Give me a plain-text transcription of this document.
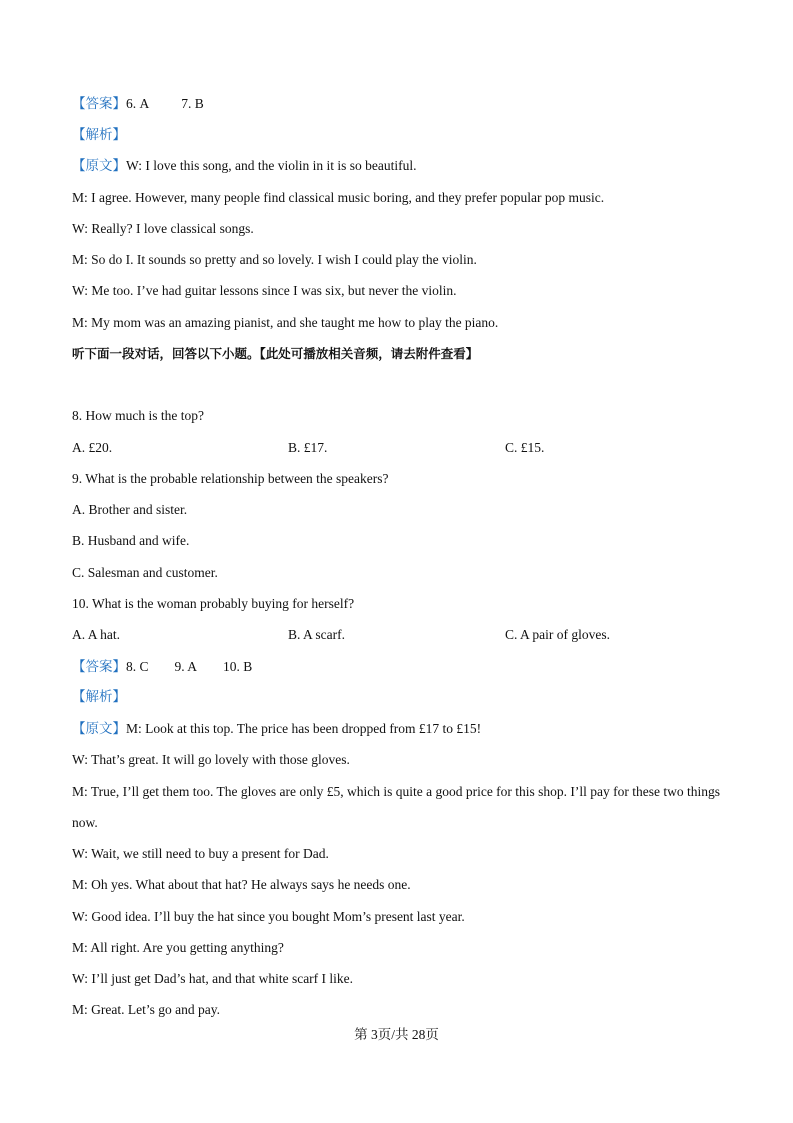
【答案】6. A 7. B
【解析】
【原文】W: I love this song, and the violin in it is so beautiful.
M: I agree. However, many people find classical music boring, and they prefer popular pop music.
W: Really? I love classical songs.
M: So do I. It sounds so pretty and so lovely. I wish I could play the violin.
W: Me too. I’ve had guitar lessons since I was six, but never the violin.
M: My mom was an amazing pianist, and she taught me how to play the piano.
听下面一段对话，回答以下小题。【此处可播放相关音频，请去附件查看】
8. How much is the top?
A. £20.	B. £17.	C. £15.
9. What is the probable relationship between the speakers?
A. Brother and sister.
B. Husband and wife.
C. Salesman and customer.
10. What is the woman probably buying for herself?
A. A hat.	B. A scarf.	C. A pair of gloves.
【答案】8. C 9. A 10. B
【解析】
【原文】M: Look at this top. The price has been dropped from £17 to £15!
W: That’s great. It will go lovely with those gloves.
M: True, I’ll get them too. The gloves are only £5, which is quite a good price for this shop. I’ll pay for these two things now.
W: Wait, we still need to buy a present for Dad.
M: Oh yes. What about that hat? He always says he needs one.
W: Good idea. I’ll buy the hat since you bought Mom’s present last year.
M: All right. Are you getting anything?
W: I’ll just get Dad’s hat, and that white scarf I like.
M: Great. Let’s go and pay.
第 3页/共 28页
